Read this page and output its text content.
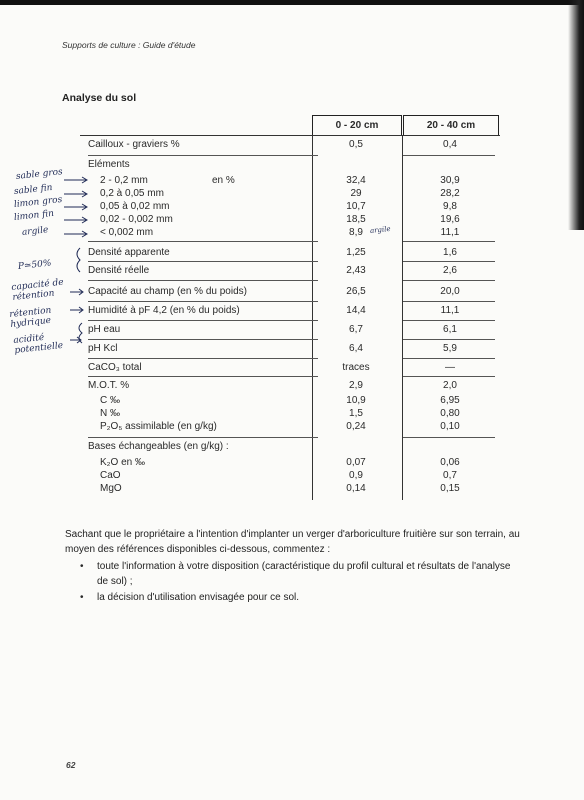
Supports de culture : Guide d'étude
Analyse du sol
0 - 20 cm	20 - 40 cm
Cailloux - graviers %	0,5	0,4
Eléments
2 - 0,2 mm	en %	32,4	30,9
0,2 à 0,05 mm	29	28,2
0,05 à 0,02 mm	10,7	9,8
0,02 - 0,002 mm	18,5	19,6
< 0,002 mm	8,9	11,1
Densité apparente	1,25	1,6
Densité réelle	2,43	2,6
Capacité au champ (en % du poids)	26,5	20,0
Humidité à pF 4,2 (en % du poids)	14,4	11,1
pH eau	6,7	6,1
pH Kcl	6,4	5,9
CaCO₃ total	traces	—
M.O.T. %	2,9	2,0
C ‰	10,9	6,95
N ‰	1,5	0,80
P₂O₅ assimilable (en g/kg)	0,24	0,10
Bases échangeables (en g/kg) :
K₂O en ‰	0,07	0,06
CaO	0,9	0,7
MgO	0,14	0,15
sable gros
sable fin
limon gros
limon fin
argile	argile
P≃50%
capacité de rétention
rétention hydrique
acidité potentielle
Sachant que le propriétaire a l'intention d'implanter un verger d'arboriculture fruitière sur son terrain, au moyen des références disponibles ci-dessous, commentez :
• toute l'information à votre disposition (caractéristique du profil cultural et résultats de l'analyse de sol) ;
• la décision d'utilisation envisagée pour ce sol.
62
